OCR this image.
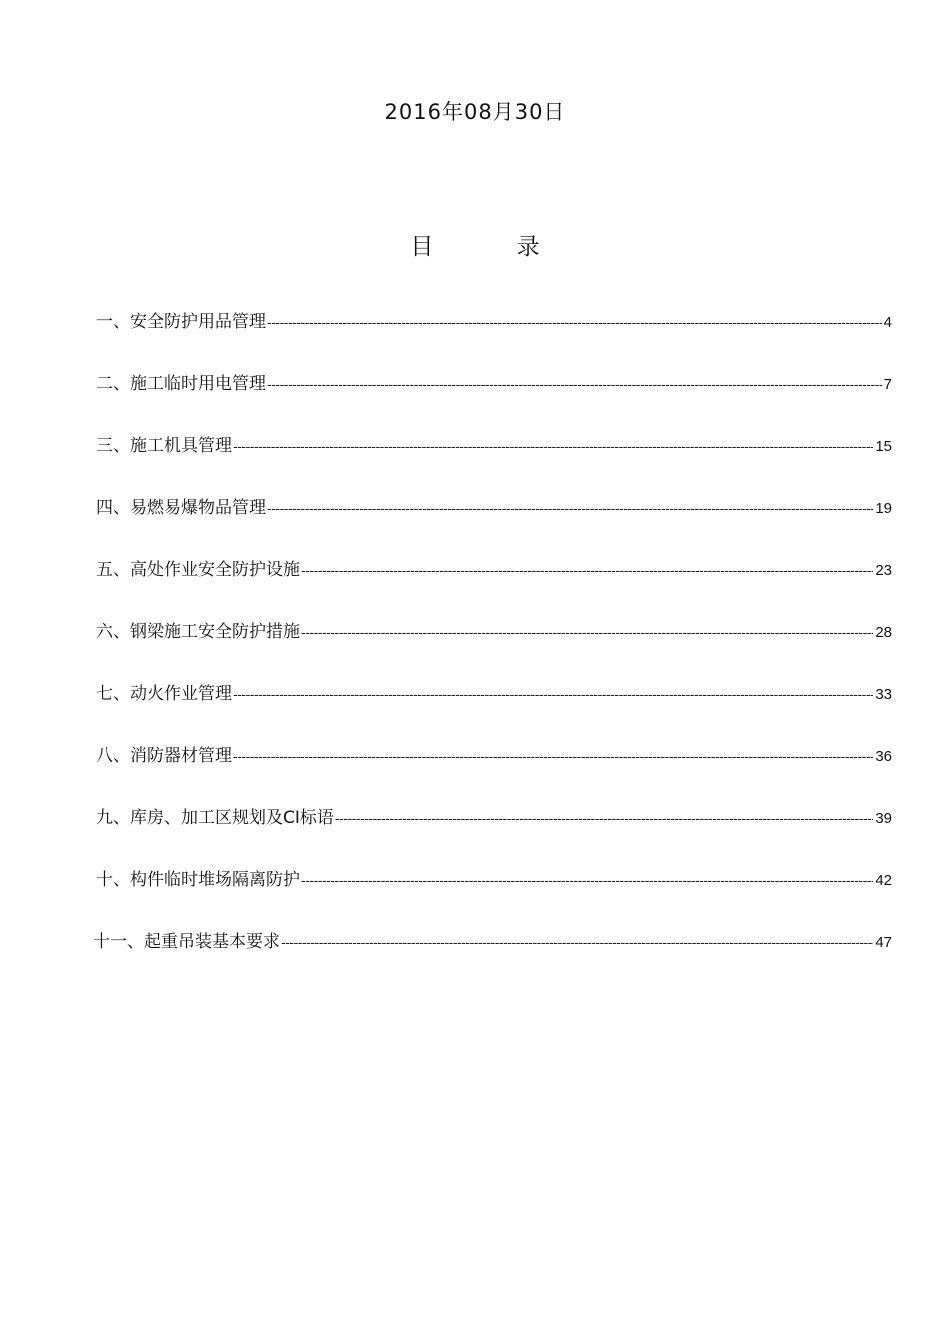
2016年08月30日
目 录
一、安全防护用品管理 -----	4
二、施工临时用电管理 -----	7
三、施工机具管理 -----	15
四、易燃易爆物品管理 -----	19
五、高处作业安全防护设施 -----	23
六、钢梁施工安全防护措施 -----	28
七、动火作业管理 -----	33
八、消防器材管理 -----	36
九、库房、加工区规划及CI标语 -----	39
十、构件临时堆场隔离防护 -----	42
十一、起重吊装基本要求 -----	47
